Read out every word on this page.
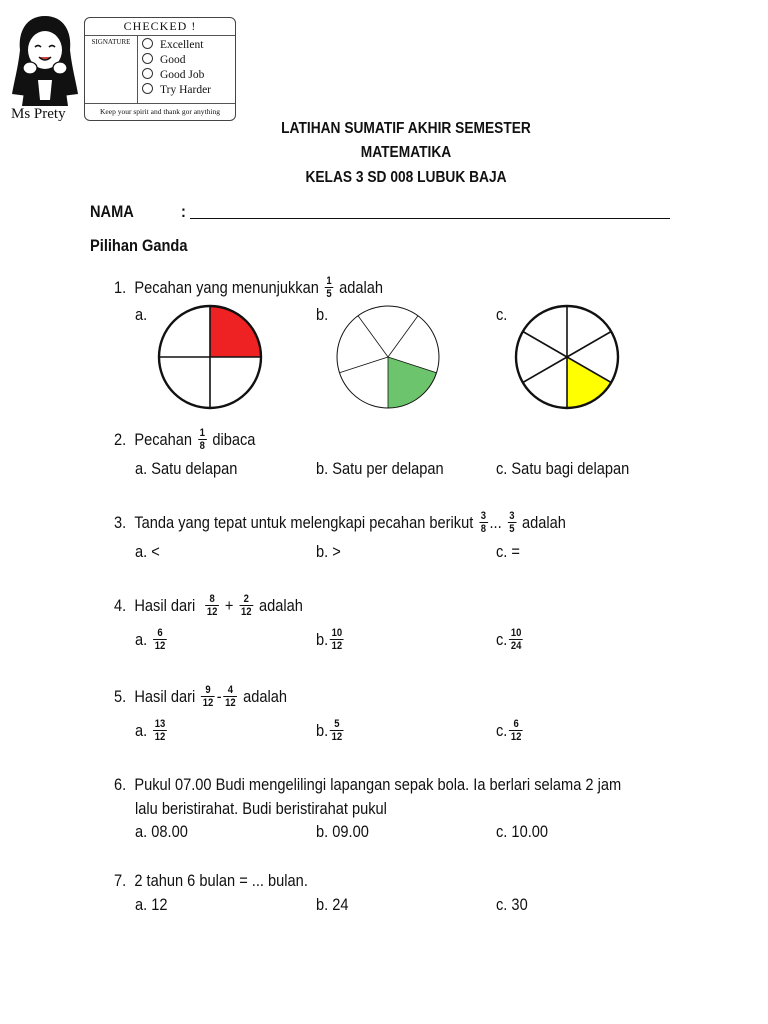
Ms Prety
CHECKED !
SIGNATURE	Excellent
Good
Good Job
Try Harder
Keep your spirit and thank gor anything
LATIHAN SUMATIF AKHIR SEMESTER
MATEMATIKA
KELAS 3 SD 008 LUBUK BAJA
NAMA	:
Pilihan Ganda
1. Pecahan yang menunjukkan $\frac{1}{5}$ adalah
a.	b.	c.
2. Pecahan $\frac{1}{8}$ dibaca
a. Satu delapan	b. Satu per delapan	c. Satu bagi delapan
3. Tanda yang tepat untuk melengkapi pecahan berikut $\frac{3}{8}$ ... $\frac{3}{5}$ adalah
a. <	b. >	c. =
4. Hasil dari $\frac{8}{12} + \frac{2}{12}$ adalah
a. $\frac{6}{12}$	b. $\frac{10}{12}$	c. $\frac{10}{24}$
5. Hasil dari $\frac{9}{12} - \frac{4}{12}$ adalah
a. $\frac{13}{12}$	b. $\frac{5}{12}$	c. $\frac{6}{12}$
6. Pukul 07.00 Budi mengelilingi lapangan sepak bola. Ia berlari selama 2 jam
lalu beristirahat. Budi beristirahat pukul
a. 08.00	b. 09.00	c. 10.00
7. 2 tahun 6 bulan = ... bulan.
a. 12	b. 24	c. 30
